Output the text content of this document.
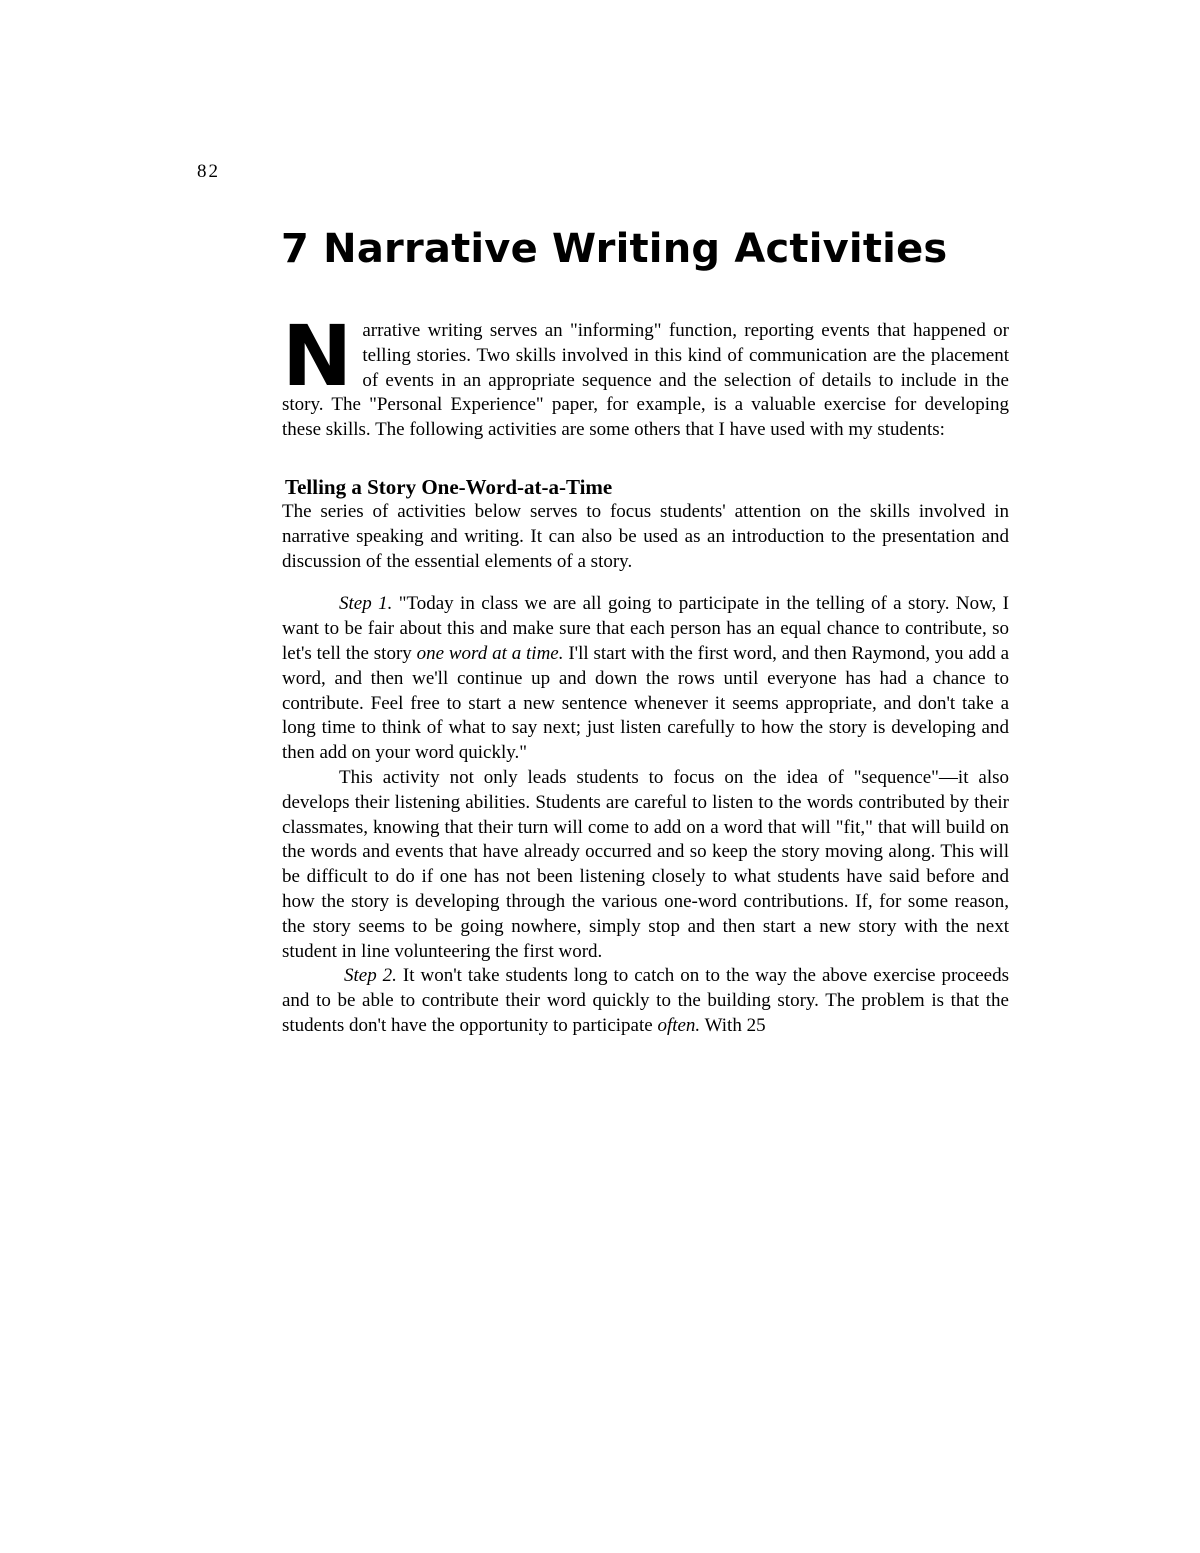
82
7 Narrative Writing Activities

Narrative writing serves an "informing" function, reporting events that happened or telling stories. Two skills involved in this kind of communication are the placement of events in an appropriate sequence and the selection of details to include in the story. The "Personal Experience" paper, for example, is a valuable exercise for developing these skills. The following activities are some others that I have used with my students:

Telling a Story One-Word-at-a-Time

The series of activities below serves to focus students' attention on the skills involved in narrative speaking and writing. It can also be used as an introduction to the presentation and discussion of the essential elements of a story.

Step 1. "Today in class we are all going to participate in the telling of a story. Now, I want to be fair about this and make sure that each person has an equal chance to contribute, so let's tell the story one word at a time. I'll start with the first word, and then Raymond, you add a word, and then we'll continue up and down the rows until everyone has had a chance to contribute. Feel free to start a new sentence whenever it seems appropriate, and don't take a long time to think of what to say next; just listen carefully to how the story is developing and then add on your word quickly."

This activity not only leads students to focus on the idea of "sequence"—it also develops their listening abilities. Students are careful to listen to the words contributed by their classmates, knowing that their turn will come to add on a word that will "fit," that will build on the words and events that have already occurred and so keep the story moving along. This will be difficult to do if one has not been listening closely to what students have said before and how the story is developing through the various one-word contributions. If, for some reason, the story seems to be going nowhere, simply stop and then start a new story with the next student in line volunteering the first word.

Step 2. It won't take students long to catch on to the way the above exercise proceeds and to be able to contribute their word quickly to the building story. The problem is that the students don't have the opportunity to participate often. With 25
